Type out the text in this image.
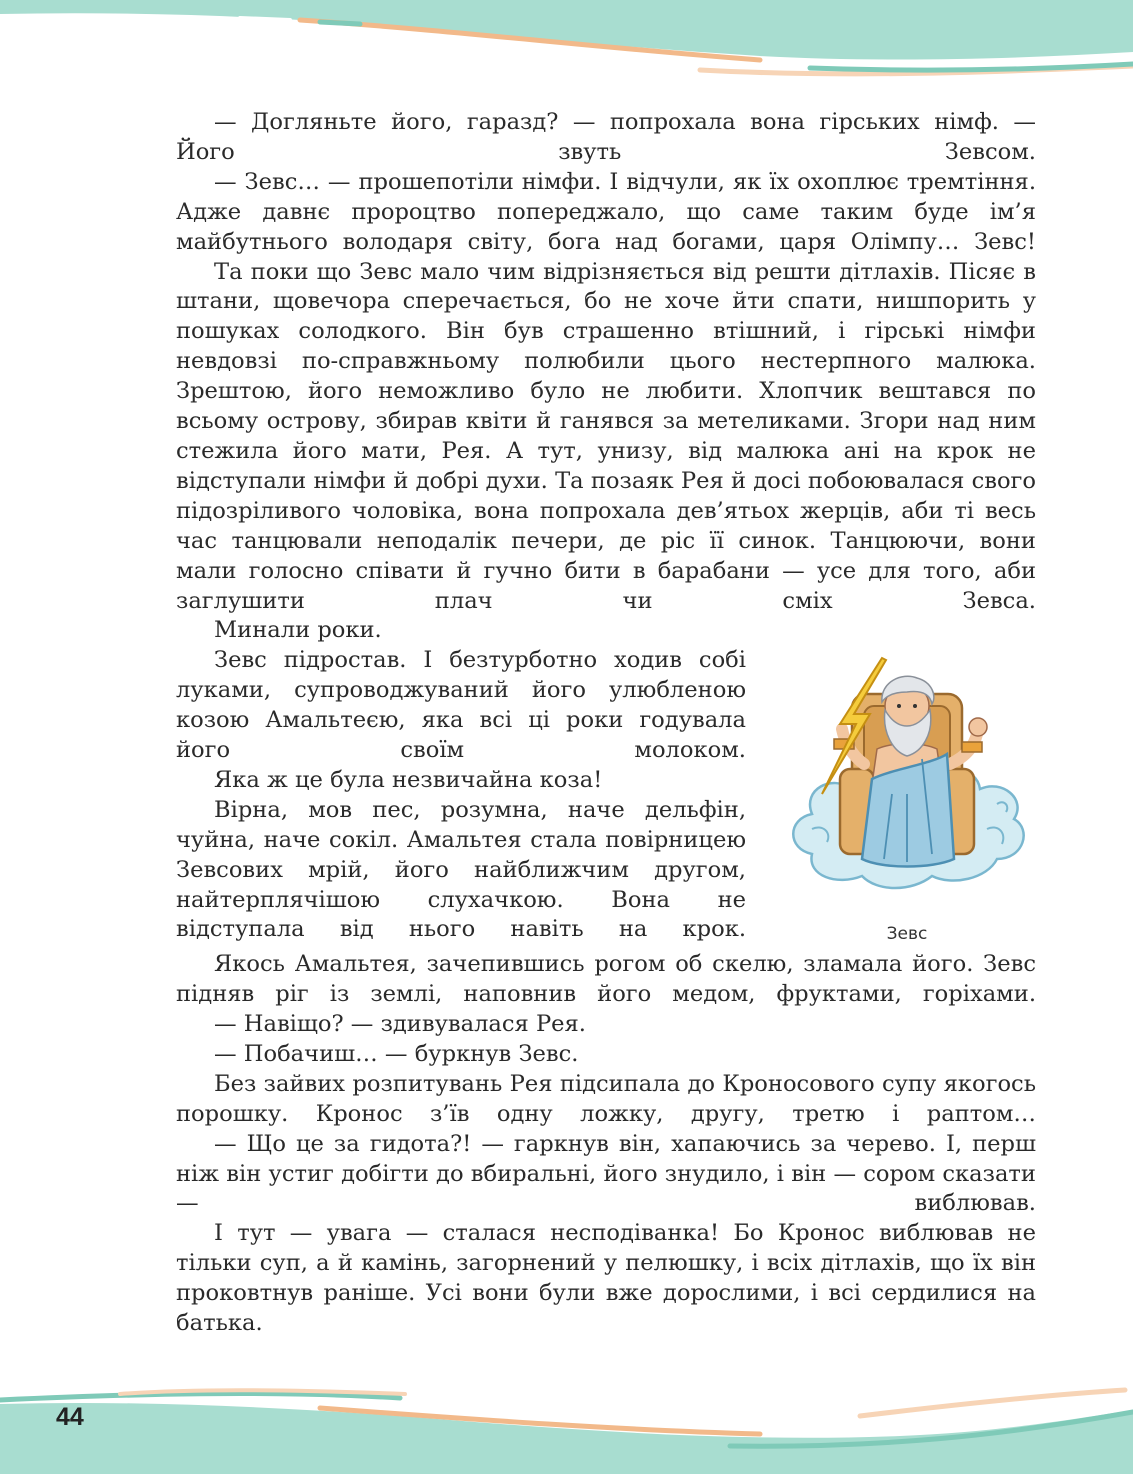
— Догляньте його, гаразд? — попрохала вона гірських німф. — Його звуть Зевсом.

— Зевс… — прошепотіли німфи. І відчули, як їх охоплює тремтіння. Адже давнє пророцтво попереджало, що саме таким буде ім’я майбутнього володаря світу, бога над богами, царя Олімпу… Зевс!

Та поки що Зевс мало чим відрізняється від решти дітлахів. Пісяє в штани, щовечора сперечається, бо не хоче йти спати, нишпорить у пошуках солодкого. Він був страшенно втішний, і гірські німфи невдовзі по-справжньому полюбили цього нестерпного малюка. Зрештою, його неможливо було не любити. Хлопчик вештався по всьому острову, збирав квіти й ганявся за метеликами. Згори над ним стежила його мати, Рея. А тут, унизу, від малюка ані на крок не відступали німфи й добрі духи. Та позаяк Рея й досі побоювалася свого підозріливого чоловіка, вона попрохала дев’ятьох жерців, аби ті весь час танцювали неподалік печери, де ріс її синок. Танцюючи, вони мали голосно співати й гучно бити в барабани — усе для того, аби заглушити плач чи сміх Зевса.

Минали роки.

Зевс підростав. І безтурботно ходив собі луками, супроводжуваний його улюбленою козою Амальтеєю, яка всі ці роки годувала його своїм молоком.

Яка ж це була незвичайна коза!

Вірна, мов пес, розумна, наче дельфін, чуйна, наче сокіл. Амальтея стала повірницею Зевсових мрій, його найближчим другом, найтерплячішою слухачкою. Вона не відступала від нього навіть на крок.	Зевс

Якось Амальтея, зачепившись рогом об скелю, зламала його. Зевс підняв ріг із землі, наповнив його медом, фруктами, горіхами.

— Навіщо? — здивувалася Рея.

— Побачиш… — буркнув Зевс.

Без зайвих розпитувань Рея підсипала до Кроносового супу якогось порошку. Кронос з’їв одну ложку, другу, третю і раптом…

— Що це за гидота?! — гаркнув він, хапаючись за черево. І, перш ніж він устиг добігти до вбиральні, його знудило, і він — сором сказати — виблював.

І тут — увага — сталася несподіванка! Бо Кронос виблював не тільки суп, а й камінь, загорнений у пелюшку, і всіх дітлахів, що їх він проковтнув раніше. Усі вони були вже дорослими, і всі сердилися на батька.

44
